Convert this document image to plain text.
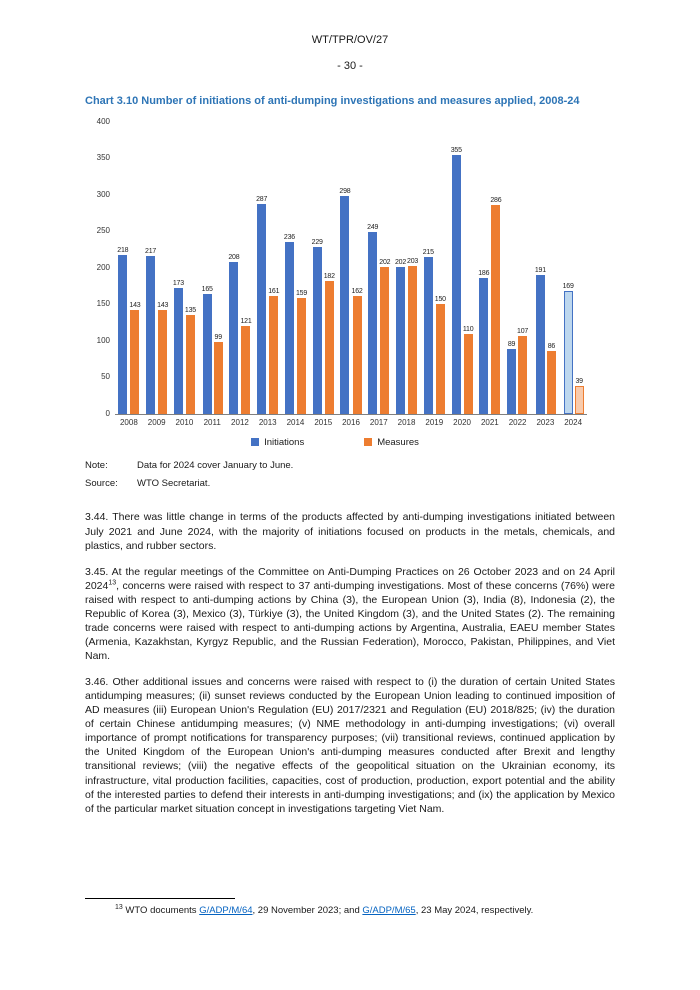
WT/TPR/OV/27
- 30 -
Chart 3.10 Number of initiations of anti-dumping investigations and measures applied, 2008-24
0
50
100
150
200
250
300
350
400
218
143
2008
217
143
2009
173
135
2010
165
99
2011
208
121
2012
287
161
2013
236
159
2014
229
182
2015
298
162
2016
249
202
2017
202 203
2018
215
150
2019
355
110
2020
186
286
2021
89
107
2022
191
86
2023
169
39
2024
Initiations	Measures
Note:	Data for 2024 cover January to June.
Source:	WTO Secretariat.

3.44. There was little change in terms of the products affected by anti-dumping investigations initiated between July 2021 and June 2024, with the majority of initiations focused on products in the metals, chemicals, and plastics, and rubber sectors.

3.45. At the regular meetings of the Committee on Anti-Dumping Practices on 26 October 2023 and on 24 April 2024$^{13}$, concerns were raised with respect to 37 anti-dumping investigations. Most of these concerns (76%) were raised with respect to anti-dumping actions by China (3), the European Union (3), India (8), Indonesia (2), the Republic of Korea (3), Mexico (3), Türkiye (3), the United Kingdom (3), and the United States (2). The remaining trade concerns were raised with respect to anti-dumping actions by Argentina, Australia, EAEU member States (Armenia, Kazakhstan, Kyrgyz Republic, and the Russian Federation), Morocco, Pakistan, Philippines, and Viet Nam.

3.46. Other additional issues and concerns were raised with respect to (i) the duration of certain United States antidumping measures; (ii) sunset reviews conducted by the European Union leading to continued imposition of AD measures (iii) European Union's Regulation (EU) 2017/2321 and Regulation (EU) 2018/825; (iv) the duration of certain Chinese antidumping measures; (v) NME methodology in anti-dumping investigations; (vi) overall importance of prompt notifications for transparency purposes; (vii) transitional reviews, continued application by the United Kingdom of the European Union's anti-dumping measures conducted after Brexit and lengthy transitional reviews; (viii) the negative effects of the geopolitical situation on the Ukrainian economy, its infrastructure, vital production facilities, capacities, cost of production, production, export potential and the ability of the interested parties to defend their interests in anti-dumping investigations; and (ix) the application by Mexico of the particular market situation concept in investigations targeting Viet Nam.

$^{13}$ WTO documents G/ADP/M/64, 29 November 2023; and G/ADP/M/65, 23 May 2024, respectively.
